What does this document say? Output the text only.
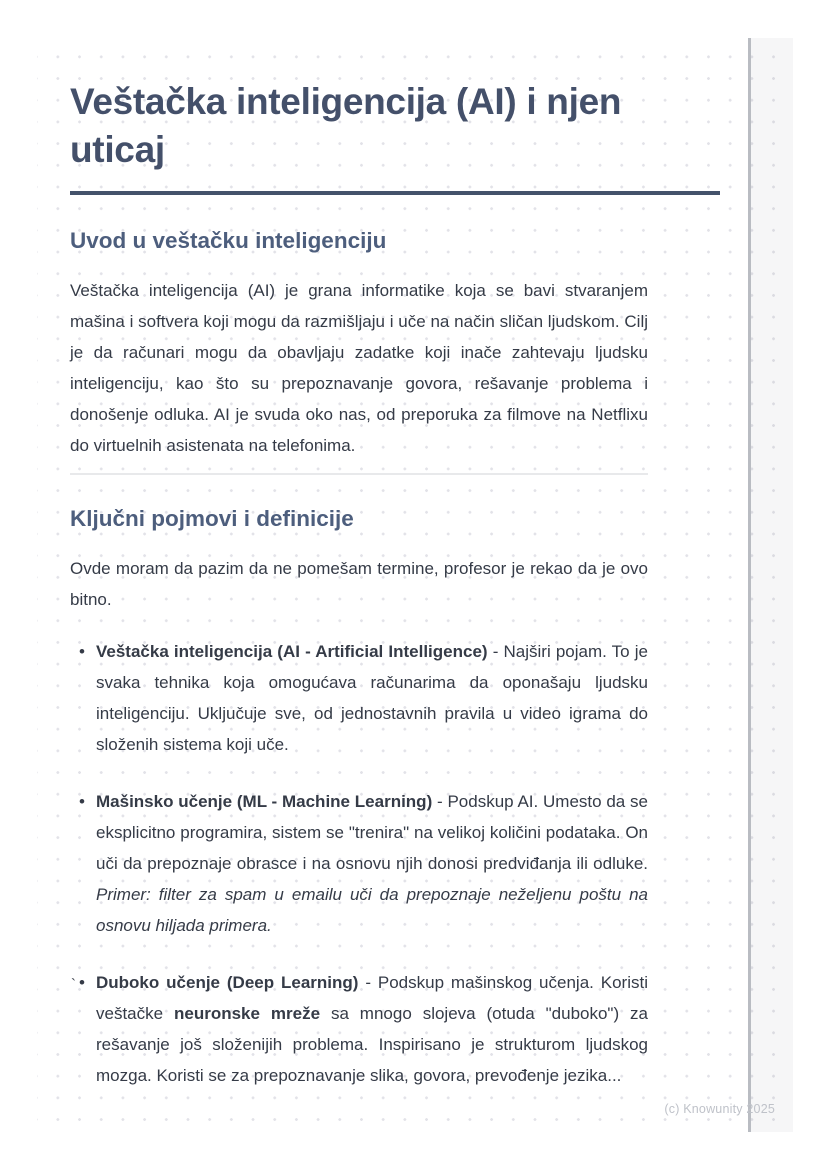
Veštačka inteligencija (AI) i njen uticaj
Uvod u veštačku inteligenciju

Veštačka inteligencija (AI) je grana informatike koja se bavi stvaranjem mašina i softvera koji mogu da razmišljaju i uče na način sličan ljudskom. Cilj je da računari mogu da obavljaju zadatke koji inače zahtevaju ljudsku inteligenciju, kao što su prepoznavanje govora, rešavanje problema i donošenje odluka. AI je svuda oko nas, od preporuka za filmove na Netflixu do virtuelnih asistenata na telefonima.

Ključni pojmovi i definicije

Ovde moram da pazim da ne pomešam termine, profesor je rekao da je ovo bitno.

• Veštačka inteligencija (AI - Artificial Intelligence) - Najširi pojam. To je svaka tehnika koja omogućava računarima da oponašaju ljudsku inteligenciju. Uključuje sve, od jednostavnih pravila u video igrama do složenih sistema koji uče.
• Mašinsko učenje (ML - Machine Learning) - Podskup AI. Umesto da se eksplicitno programira, sistem se "trenira" na velikoj količini podataka. On uči da prepoznaje obrasce i na osnovu njih donosi predviđanja ili odluke. Primer: filter za spam u emailu uči da prepoznaje neželjenu poštu na osnovu hiljada primera.
• Duboko učenje (Deep Learning) - Podskup mašinskog učenja. Koristi veštačke neuronske mreže sa mnogo slojeva (otuda "duboko") za rešavanje još složenijih problema. Inspirisano je strukturom ljudskog mozga. Koristi se za prepoznavanje slika, govora, prevođenje jezika...
`
(c) Knowunity 2025
